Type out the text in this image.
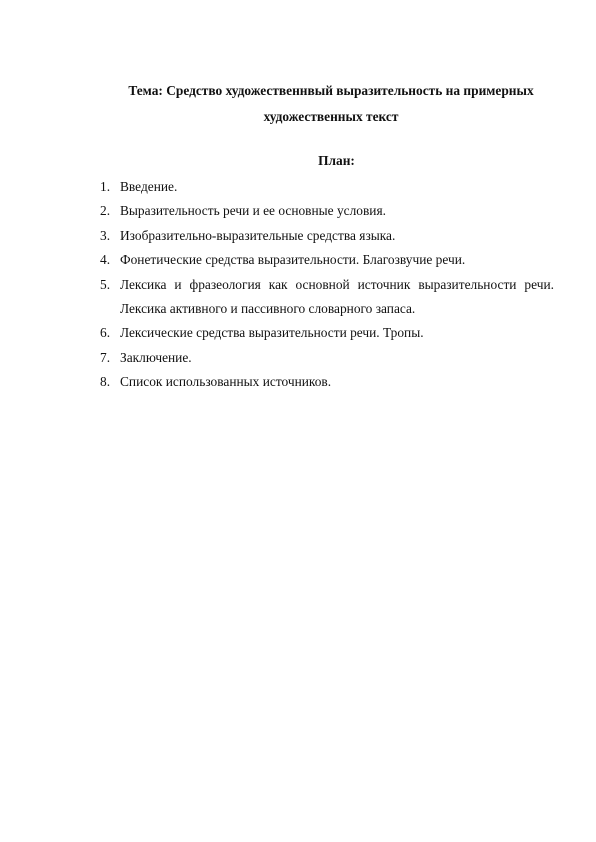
Тема: Средство художественнвый выразительность на примерных
художественных текст
План:
1. Введение.
2. Выразительность речи и ее основные условия.
3. Изобразительно-выразительные средства языка.
4. Фонетические средства выразительности. Благозвучие речи.
5. Лексика и фразеология как основной источник выразительности речи.
Лексика активного и пассивного словарного запаса.
6. Лексические средства выразительности речи. Тропы.
7. Заключение.
8. Список использованных источников.
